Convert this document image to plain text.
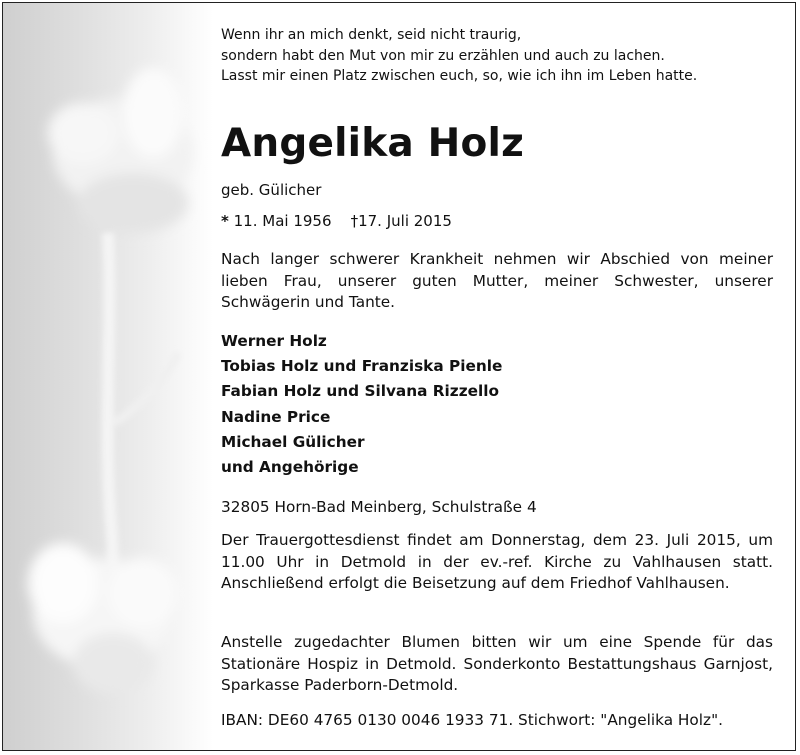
Wenn ihr an mich denkt, seid nicht traurig,
sondern habt den Mut von mir zu erzählen und auch zu lachen.
Lasst mir einen Platz zwischen euch, so, wie ich ihn im Leben hatte.
Angelika Holz
geb. Gülicher
* 11. Mai 1956 †17. Juli 2015
Nach langer schwerer Krankheit nehmen wir Abschied von meiner lieben Frau, unserer guten Mutter, meiner Schwester, unserer Schwägerin und Tante.
Werner Holz
Tobias Holz und Franziska Pienle
Fabian Holz und Silvana Rizzello
Nadine Price
Michael Gülicher
und Angehörige
32805 Horn-Bad Meinberg, Schulstraße 4
Der Trauergottesdienst findet am Donnerstag, dem 23. Juli 2015, um 11.00 Uhr in Detmold in der ev.-ref. Kirche zu Vahlhausen statt. Anschließend erfolgt die Beisetzung auf dem Friedhof Vahlhausen.
Anstelle zugedachter Blumen bitten wir um eine Spende für das Stationäre Hospiz in Detmold. Sonderkonto Bestattungshaus Garnjost, Sparkasse Paderborn-Detmold.
IBAN: DE60 4765 0130 0046 1933 71. Stichwort: "Angelika Holz".
